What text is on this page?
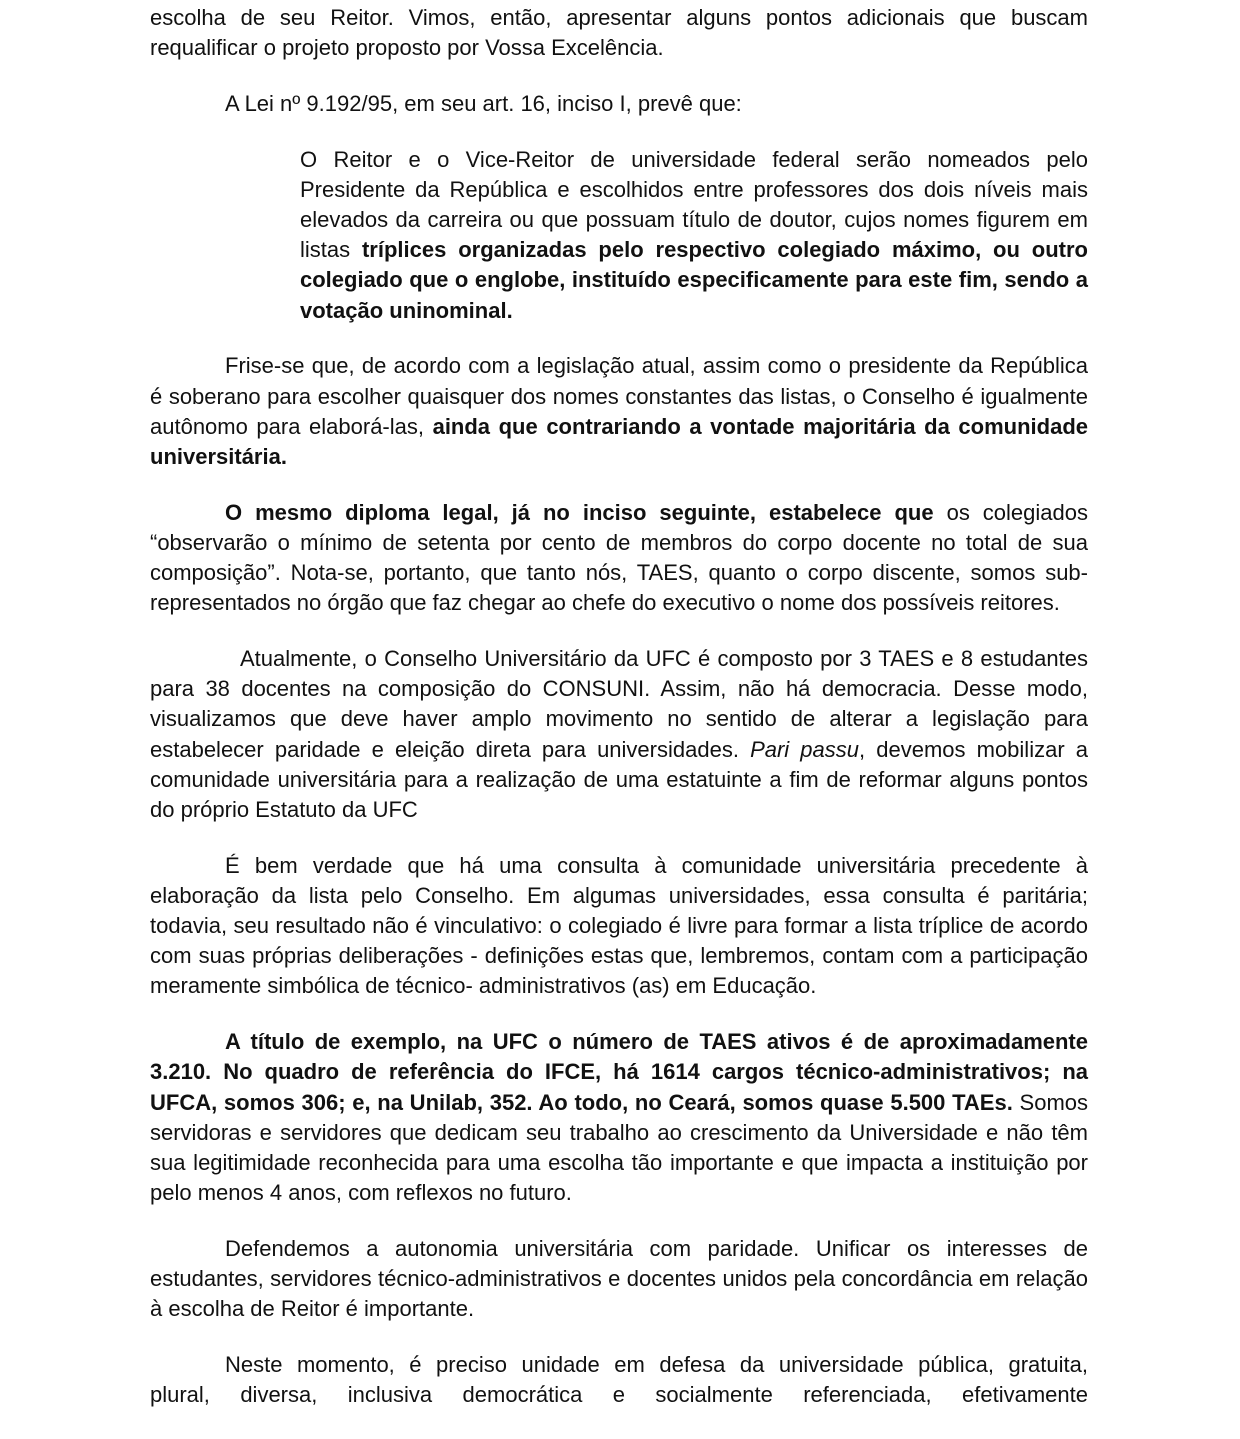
escolha de seu Reitor. Vimos, então, apresentar alguns pontos adicionais que buscam requalificar o projeto proposto por Vossa Excelência.

A Lei nº 9.192/95, em seu art. 16, inciso I, prevê que:

O Reitor e o Vice-Reitor de universidade federal serão nomeados pelo Presidente da República e escolhidos entre professores dos dois níveis mais elevados da carreira ou que possuam título de doutor, cujos nomes figurem em listas tríplices organizadas pelo respectivo colegiado máximo, ou outro colegiado que o englobe, instituído especificamente para este fim, sendo a votação uninominal.

Frise-se que, de acordo com a legislação atual, assim como o presidente da República é soberano para escolher quaisquer dos nomes constantes das listas, o Conselho é igualmente autônomo para elaborá-las, ainda que contrariando a vontade majoritária da comunidade universitária.

O mesmo diploma legal, já no inciso seguinte, estabelece que os colegiados “observarão o mínimo de setenta por cento de membros do corpo docente no total de sua composição”. Nota-se, portanto, que tanto nós, TAES, quanto o corpo discente, somos sub-representados no órgão que faz chegar ao chefe do executivo o nome dos possíveis reitores.

Atualmente, o Conselho Universitário da UFC é composto por 3 TAES e 8 estudantes para 38 docentes na composição do CONSUNI. Assim, não há democracia. Desse modo, visualizamos que deve haver amplo movimento no sentido de alterar a legislação para estabelecer paridade e eleição direta para universidades. Pari passu, devemos mobilizar a comunidade universitária para a realização de uma estatuinte a fim de reformar alguns pontos do próprio Estatuto da UFC

É bem verdade que há uma consulta à comunidade universitária precedente à elaboração da lista pelo Conselho. Em algumas universidades, essa consulta é paritária; todavia, seu resultado não é vinculativo: o colegiado é livre para formar a lista tríplice de acordo com suas próprias deliberações - definições estas que, lembremos, contam com a participação meramente simbólica de técnico- administrativos (as) em Educação.

A título de exemplo, na UFC o número de TAES ativos é de aproximadamente 3.210. No quadro de referência do IFCE, há 1614 cargos técnico-administrativos; na UFCA, somos 306; e, na Unilab, 352. Ao todo, no Ceará, somos quase 5.500 TAEs. Somos servidoras e servidores que dedicam seu trabalho ao crescimento da Universidade e não têm sua legitimidade reconhecida para uma escolha tão importante e que impacta a instituição por pelo menos 4 anos, com reflexos no futuro.

Defendemos a autonomia universitária com paridade. Unificar os interesses de estudantes, servidores técnico-administrativos e docentes unidos pela concordância em relação à escolha de Reitor é importante.

Neste momento, é preciso unidade em defesa da universidade pública, gratuita,

plural, diversa, inclusiva democrática e socialmente referenciada, efetivamente
